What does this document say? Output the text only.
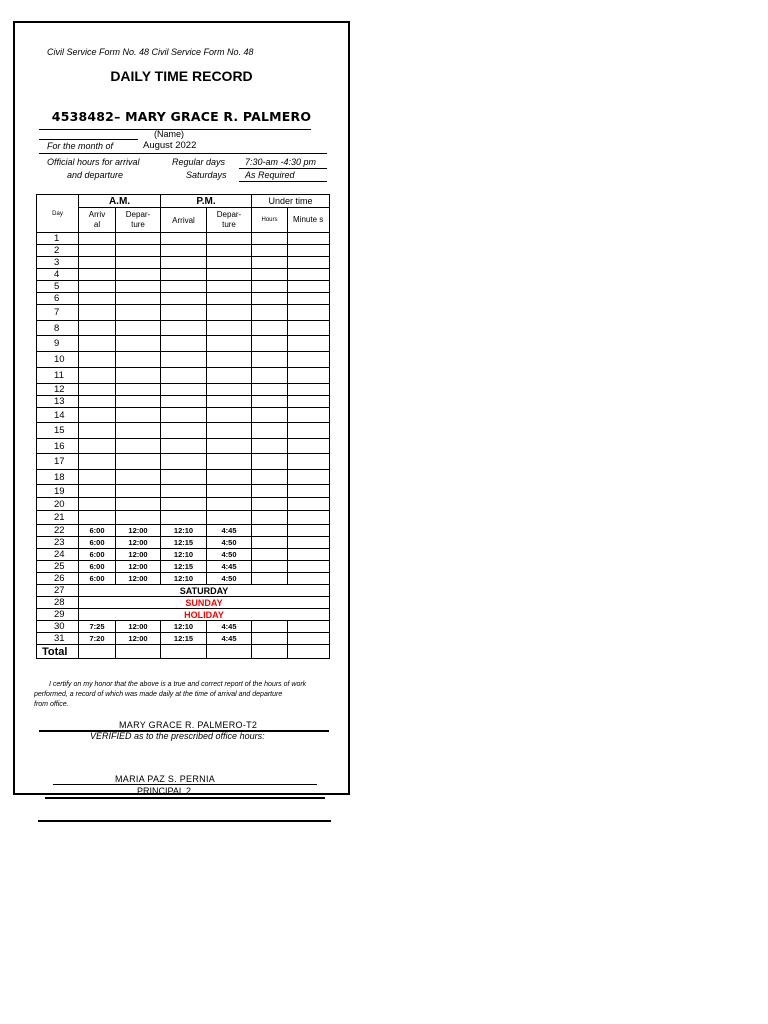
Civil Service Form No. 48 Civil Service Form No. 48
DAILY TIME RECORD
4538482– MARY GRACE R. PALMERO
(Name)
For the month of	August 2022
Official hours for arrival
and departure
Regular days 7:30-am -4:30 pm
Saturdays As Required
Day	A.M.		P.M.		Under time	
	Arriv al	Depar- ture	Arrival	Depar- ture	Hours	Minute s
1						
2						
3						
4						
5						
6						
7						
8						
9						
10						
11						
12						
13						
14						
15						
16						
17						
18						
19						
20						
21						
22	6:00	12:00	12:10	4:45		
23	6:00	12:00	12:15	4:50		
24	6:00	12:00	12:10	4:50		
25	6:00	12:00	12:15	4:45		
26	6:00	12:00	12:10	4:50		
27	SATURDAY					
28	SUNDAY					
29	HOLIDAY					
30	7:25	12:00	12:10	4:45		
31	7:20	12:00	12:15	4:45		
Total						
I certify on my honor that the above is a true and correct report of the hours of work
performed, a record of which was made daily at the time of arrival and departure
from office.
MARY GRACE R. PALMERO-T2
VERIFIED as to the prescribed office hours:
MARIA PAZ S. PERNIA
PRINCIPAL 2
